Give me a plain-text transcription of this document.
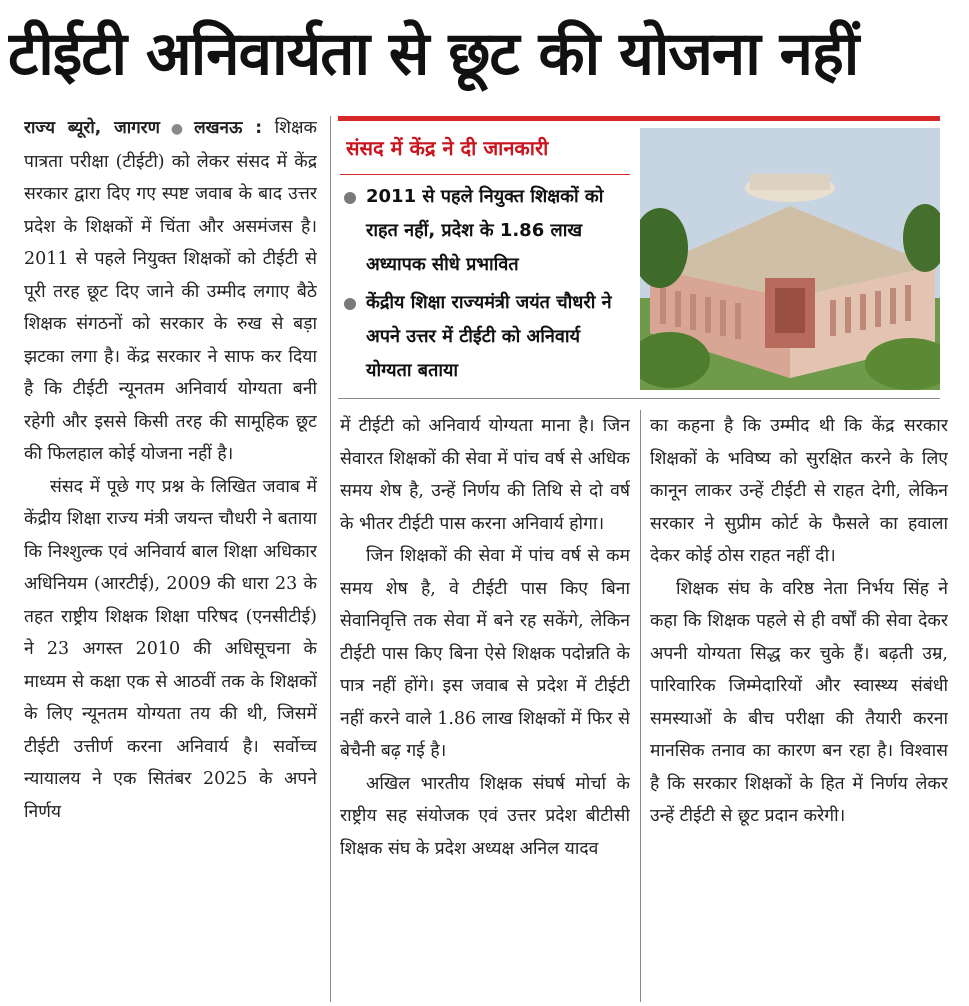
टीईटी अनिवार्यता से छूट की योजना नहीं

राज्य ब्यूरो, जागरण ● लखनऊ : शिक्षक पात्रता परीक्षा (टीईटी) को लेकर संसद में केंद्र सरकार द्वारा दिए गए स्पष्ट जवाब के बाद उत्तर प्रदेश के शिक्षकों में चिंता और असमंजस है। 2011 से पहले नियुक्त शिक्षकों को टीईटी से पूरी तरह छूट दिए जाने की उम्मीद लगाए बैठे शिक्षक संगठनों को सरकार के रुख से बड़ा झटका लगा है। केंद्र सरकार ने साफ कर दिया है कि टीईटी न्यूनतम अनिवार्य योग्यता बनी रहेगी और इससे किसी तरह की सामूहिक छूट की फिलहाल कोई योजना नहीं है।

संसद में पूछे गए प्रश्न के लिखित जवाब में केंद्रीय शिक्षा राज्य मंत्री जयन्त चौधरी ने बताया कि निश्शुल्क एवं अनिवार्य बाल शिक्षा अधिकार अधिनियम (आरटीई), 2009 की धारा 23 के तहत राष्ट्रीय शिक्षक शिक्षा परिषद (एनसीटीई) ने 23 अगस्त 2010 की अधिसूचना के माध्यम से कक्षा एक से आठवीं तक के शिक्षकों के लिए न्यूनतम योग्यता तय की थी, जिसमें टीईटी उत्तीर्ण करना अनिवार्य है। सर्वोच्च न्यायालय ने एक सितंबर 2025 के अपने निर्णय

संसद में केंद्र ने दी जानकारी
2011 से पहले नियुक्त शिक्षकों को राहत नहीं, प्रदेश के 1.86 लाख अध्यापक सीधे प्रभावित
केंद्रीय शिक्षा राज्यमंत्री जयंत चौधरी ने अपने उत्तर में टीईटी को अनिवार्य योग्यता बताया

में टीईटी को अनिवार्य योग्यता माना है। जिन सेवारत शिक्षकों की सेवा में पांच वर्ष से अधिक समय शेष है, उन्हें निर्णय की तिथि से दो वर्ष के भीतर टीईटी पास करना अनिवार्य होगा।

जिन शिक्षकों की सेवा में पांच वर्ष से कम समय शेष है, वे टीईटी पास किए बिना सेवानिवृत्ति तक सेवा में बने रह सकेंगे, लेकिन टीईटी पास किए बिना ऐसे शिक्षक पदोन्नति के पात्र नहीं होंगे। इस जवाब से प्रदेश में टीईटी नहीं करने वाले 1.86 लाख शिक्षकों में फिर से बेचैनी बढ़ गई है।

अखिल भारतीय शिक्षक संघर्ष मोर्चा के राष्ट्रीय सह संयोजक एवं उत्तर प्रदेश बीटीसी शिक्षक संघ के प्रदेश अध्यक्ष अनिल यादव

का कहना है कि उम्मीद थी कि केंद्र सरकार शिक्षकों के भविष्य को सुरक्षित करने के लिए कानून लाकर उन्हें टीईटी से राहत देगी, लेकिन सरकार ने सुप्रीम कोर्ट के फैसले का हवाला देकर कोई ठोस राहत नहीं दी।

शिक्षक संघ के वरिष्ठ नेता निर्भय सिंह ने कहा कि शिक्षक पहले से ही वर्षों की सेवा देकर अपनी योग्यता सिद्ध कर चुके हैं। बढ़ती उम्र, पारिवारिक जिम्मेदारियों और स्वास्थ्य संबंधी समस्याओं के बीच परीक्षा की तैयारी करना मानसिक तनाव का कारण बन रहा है। विश्वास है कि सरकार शिक्षकों के हित में निर्णय लेकर उन्हें टीईटी से छूट प्रदान करेगी।
